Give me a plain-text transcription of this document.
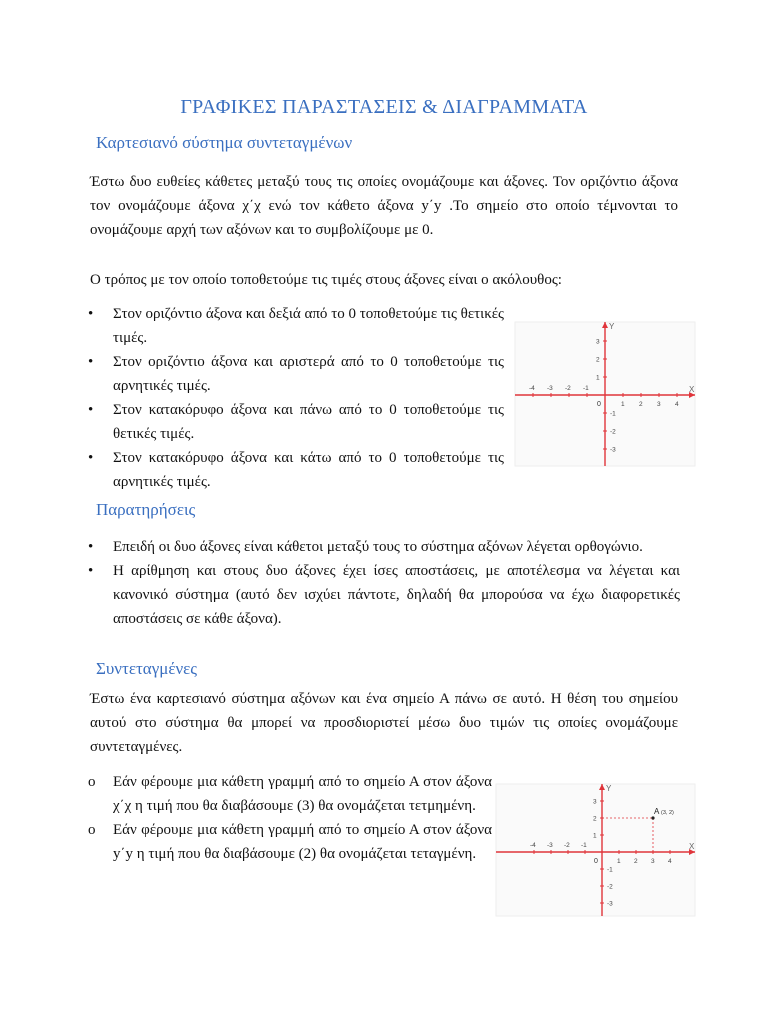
ΓΡΑΦΙΚΕΣ ΠΑΡΑΣΤΑΣΕΙΣ & ΔΙΑΓΡΑΜΜΑΤΑ
Καρτεσιανό σύστημα συντεταγμένων

Έστω δυο ευθείες κάθετες μεταξύ τους τις οποίες ονομάζουμε και άξονες. Τον οριζόντιο άξονα τον ονομάζουμε άξονα χ΄χ ενώ τον κάθετο άξονα y΄y .Το σημείο στο οποίο τέμνονται το ονομάζουμε αρχή των αξόνων και το συμβολίζουμε με 0.

Ο τρόπος με τον οποίο τοποθετούμε τις τιμές στους άξονες είναι ο ακόλουθος:

• Στον οριζόντιο άξονα και δεξιά από το 0 τοποθετούμε τις θετικές τιμές.
• Στον οριζόντιο άξονα και αριστερά από το 0 τοποθετούμε τις αρνητικές τιμές.
• Στον κατακόρυφο άξονα και πάνω από το 0 τοποθετούμε τις θετικές τιμές.
• Στον κατακόρυφο άξονα και κάτω από το 0 τοποθετούμε τις αρνητικές τιμές.
X
Y
0
-4 -3 -2 -1
1 2 3 4
3
2
1
-1
-2
-3
Παρατηρήσεις
• Επειδή οι δυο άξονες είναι κάθετοι μεταξύ τους το σύστημα αξόνων λέγεται ορθογώνιο.
• Η αρίθμηση και στους δυο άξονες έχει ίσες αποστάσεις, με αποτέλεσμα να λέγεται και κανονικό σύστημα (αυτό δεν ισχύει πάντοτε, δηλαδή θα μπορούσα να έχω διαφορετικές αποστάσεις σε κάθε άξονα).
Συντεταγμένες

Έστω ένα καρτεσιανό σύστημα αξόνων και ένα σημείο Α πάνω σε αυτό. Η θέση του σημείου αυτού στο σύστημα θα μπορεί να προσδιοριστεί μέσω δυο τιμών τις οποίες ονομάζουμε συντεταγμένες.

o Εάν φέρουμε μια κάθετη γραμμή από το σημείο Α στον άξονα χ΄χ η τιμή που θα διαβάσουμε (3) θα ονομάζεται τετμημένη.
o Εάν φέρουμε μια κάθετη γραμμή από το σημείο Α στον άξονα y΄y η τιμή που θα διαβάσουμε (2) θα ονομάζεται τεταγμένη.	X
Y
0
-4 -3 -2 -1
1 2 3 4
3
2
1
-1
-2
-3
A (3, 2)
